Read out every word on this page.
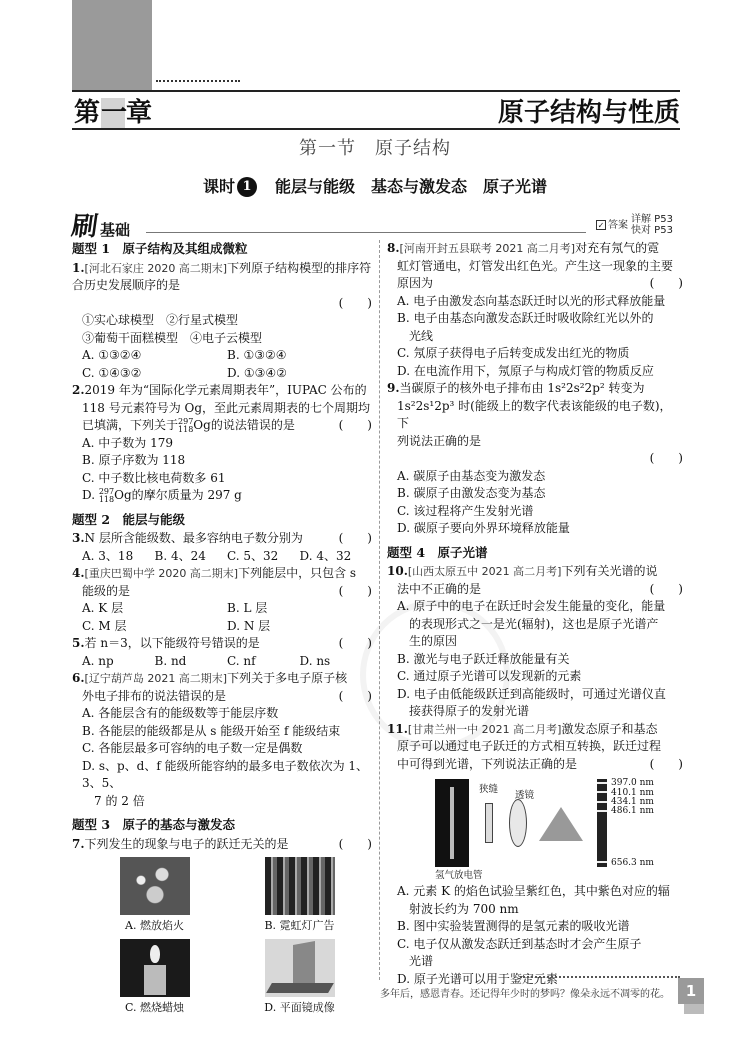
第一章	原子结构与性质
第一节　原子结构
课时 1　 能层与能级　基态与激发态　原子光谱
刷基础	✓ 答案 详解 P53
快对 P53
题型 1　原子结构及其组成微粒
1.[河北石家庄 2020 高二期末]下列原子结构模型的排序符合历史发展顺序的是
(　　)
①实心球模型　②行星式模型
③葡萄干面糕模型　④电子云模型
A. ①③②④	B. ①③②④
C. ①④③②	D. ①③④②
2.2019 年为“国际化学元素周期表年”，IUPAC 公布的
118 号元素符号为 Og，至此元素周期表的七个周期均
已填满，下列关于 297
118 Og的说法错误的是	(　　)
A. 中子数为 179
B. 原子序数为 118
C. 中子数比核电荷数多 61
D. 297
118 Og的摩尔质量为 297 g
题型 2　能层与能级
3.N 层所含能级数、最多容纳电子数分别为	(　　)
A. 3、18	B. 4、24	C. 5、32	D. 4、32
4.[重庆巴蜀中学 2020 高二期末]下列能层中，只包含 s
能级的是	(　　)
A. K 层	B. L 层
C. M 层	D. N 层
5.若 n＝3，以下能级符号错误的是	(　　)
A. np	B. nd	C. nf	D. ns
6.[辽宁葫芦岛 2021 高二期末]下列关于多电子原子核
外电子排布的说法错误的是	(　　)
A. 各能层含有的能级数等于能层序数
B. 各能层的能级都是从 s 能级开始至 f 能级结束
C. 各能层最多可容纳的电子数一定是偶数
D. s、p、d、f 能级所能容纳的最多电子数依次为 1、3、5、
7 的 2 倍
题型 3　原子的基态与激发态
7.下列发生的现象与电子的跃迁无关的是	(　　)
A. 燃放焰火	B. 霓虹灯广告
C. 燃烧蜡烛	D. 平面镜成像
8.[河南开封五县联考 2021 高二月考]对充有氖气的霓
虹灯管通电，灯管发出红色光。产生这一现象的主要
原因为	(　　)
A. 电子由激发态向基态跃迁时以光的形式释放能量
B. 电子由基态向激发态跃迁时吸收除红光以外的
光线
C. 氖原子获得电子后转变成发出红光的物质
D. 在电流作用下，氖原子与构成灯管的物质反应
9.当碳原子的核外电子排布由 1s²2s²2p² 转变为
1s²2s¹2p³ 时(能级上的数字代表该能级的电子数)，下
列说法正确的是
(　　)
A. 碳原子由基态变为激发态
B. 碳原子由激发态变为基态
C. 该过程将产生发射光谱
D. 碳原子要向外界环境释放能量
题型 4　原子光谱
10.[山西太原五中 2021 高二月考]下列有关光谱的说
法中不正确的是	(　　)
A. 原子中的电子在跃迁时会发生能量的变化，能量
的表现形式之一是光(辐射)，这也是原子光谱产
生的原因
B. 激光与电子跃迁释放能量有关
C. 通过原子光谱可以发现新的元素
D. 电子由低能级跃迁到高能级时，可通过光谱仪直
接获得原子的发射光谱
11.[甘肃兰州一中 2021 高二月考]激发态原子和基态
原子可以通过电子跃迁的方式相互转换，跃迁过程
中可得到光谱，下列说法正确的是	(　　)
狭缝
透镜
氢气放电管
397.0 nm
410.1 nm
434.1 nm
486.1 nm
656.3 nm
A. 元素 K 的焰色试验呈紫红色，其中紫色对应的辐
射波长约为 700 nm
B. 图中实验装置测得的是氢元素的吸收光谱
C. 电子仅从激发态跃迁到基态时才会产生原子
光谱
D. 原子光谱可以用于鉴定元素
多年后，感恩青春。还记得年少时的梦吗？像朵永远不凋零的花。	1
